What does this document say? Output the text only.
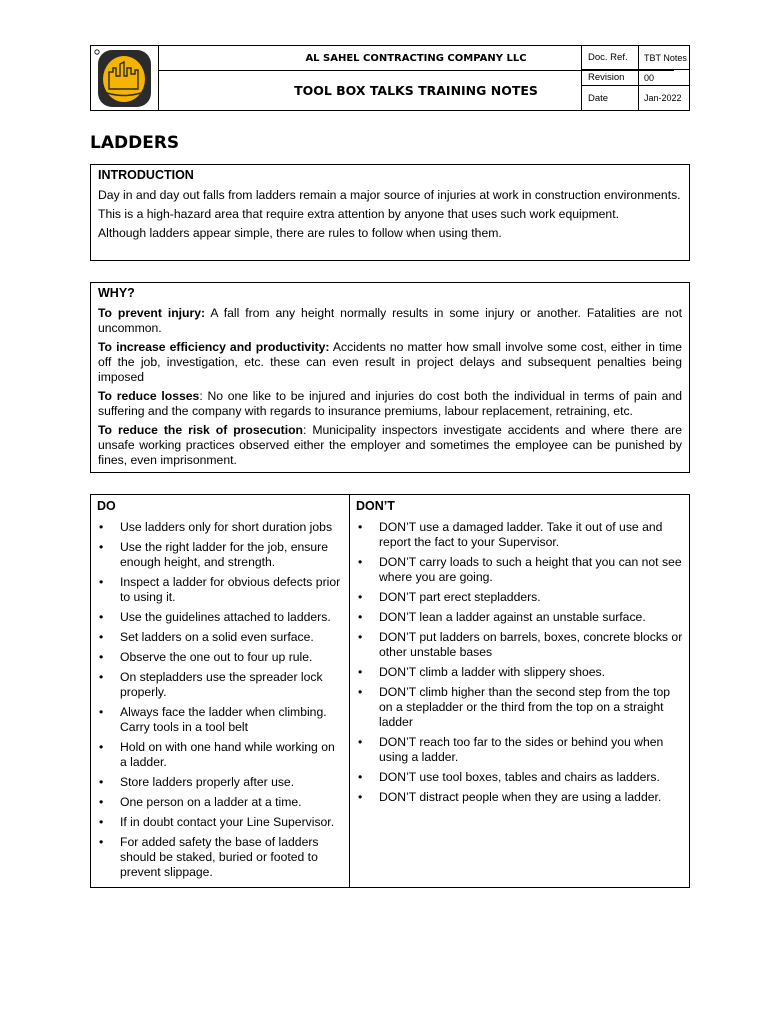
AL SAHEL CONTRACTING COMPANY LLC
TOOL BOX TALKS TRAINING NOTES
Doc. Ref.	TBT Notes
Revision	00
Date	Jan-2022
LADDERS
INTRODUCTION

Day in and day out falls from ladders remain a major source of injuries at work in construction environments.

This is a high-hazard area that require extra attention by anyone that uses such work equipment.

Although ladders appear simple, there are rules to follow when using them.

WHY?

To prevent injury: A fall from any height normally results in some injury or another. Fatalities are not uncommon.

To increase efficiency and productivity: Accidents no matter how small involve some cost, either in time off the job, investigation, etc. these can even result in project delays and subsequent penalties being imposed

To reduce losses: No one like to be injured and injuries do cost both the individual in terms of pain and suffering and the company with regards to insurance premiums, labour replacement, retraining, etc.

To reduce the risk of prosecution: Municipality inspectors investigate accidents and where there are unsafe working practices observed either the employer and sometimes the employee can be punished by fines, even imprisonment.

DO
• Use ladders only for short duration jobs
• Use the right ladder for the job, ensure enough height, and strength.
• Inspect a ladder for obvious defects prior to using it.
• Use the guidelines attached to ladders.
• Set ladders on a solid even surface.
• Observe the one out to four up rule.
• On stepladders use the spreader lock properly.
• Always face the ladder when climbing. Carry tools in a tool belt
• Hold on with one hand while working on a ladder.
• Store ladders properly after use.
• One person on a ladder at a time.
• If in doubt contact your Line Supervisor.
• For added safety the base of ladders should be staked, buried or footed to prevent slippage.
DON’T
• DON’T use a damaged ladder. Take it out of use and report the fact to your Supervisor.
• DON’T carry loads to such a height that you can not see where you are going.
• DON’T part erect stepladders.
• DON’T lean a ladder against an unstable surface.
• DON’T put ladders on barrels, boxes, concrete blocks or other unstable bases
• DON’T climb a ladder with slippery shoes.
• DON’T climb higher than the second step from the top on a stepladder or the third from the top on a straight ladder
• DON’T reach too far to the sides or behind you when using a ladder.
• DON’T use tool boxes, tables and chairs as ladders.
• DON’T distract people when they are using a ladder.
